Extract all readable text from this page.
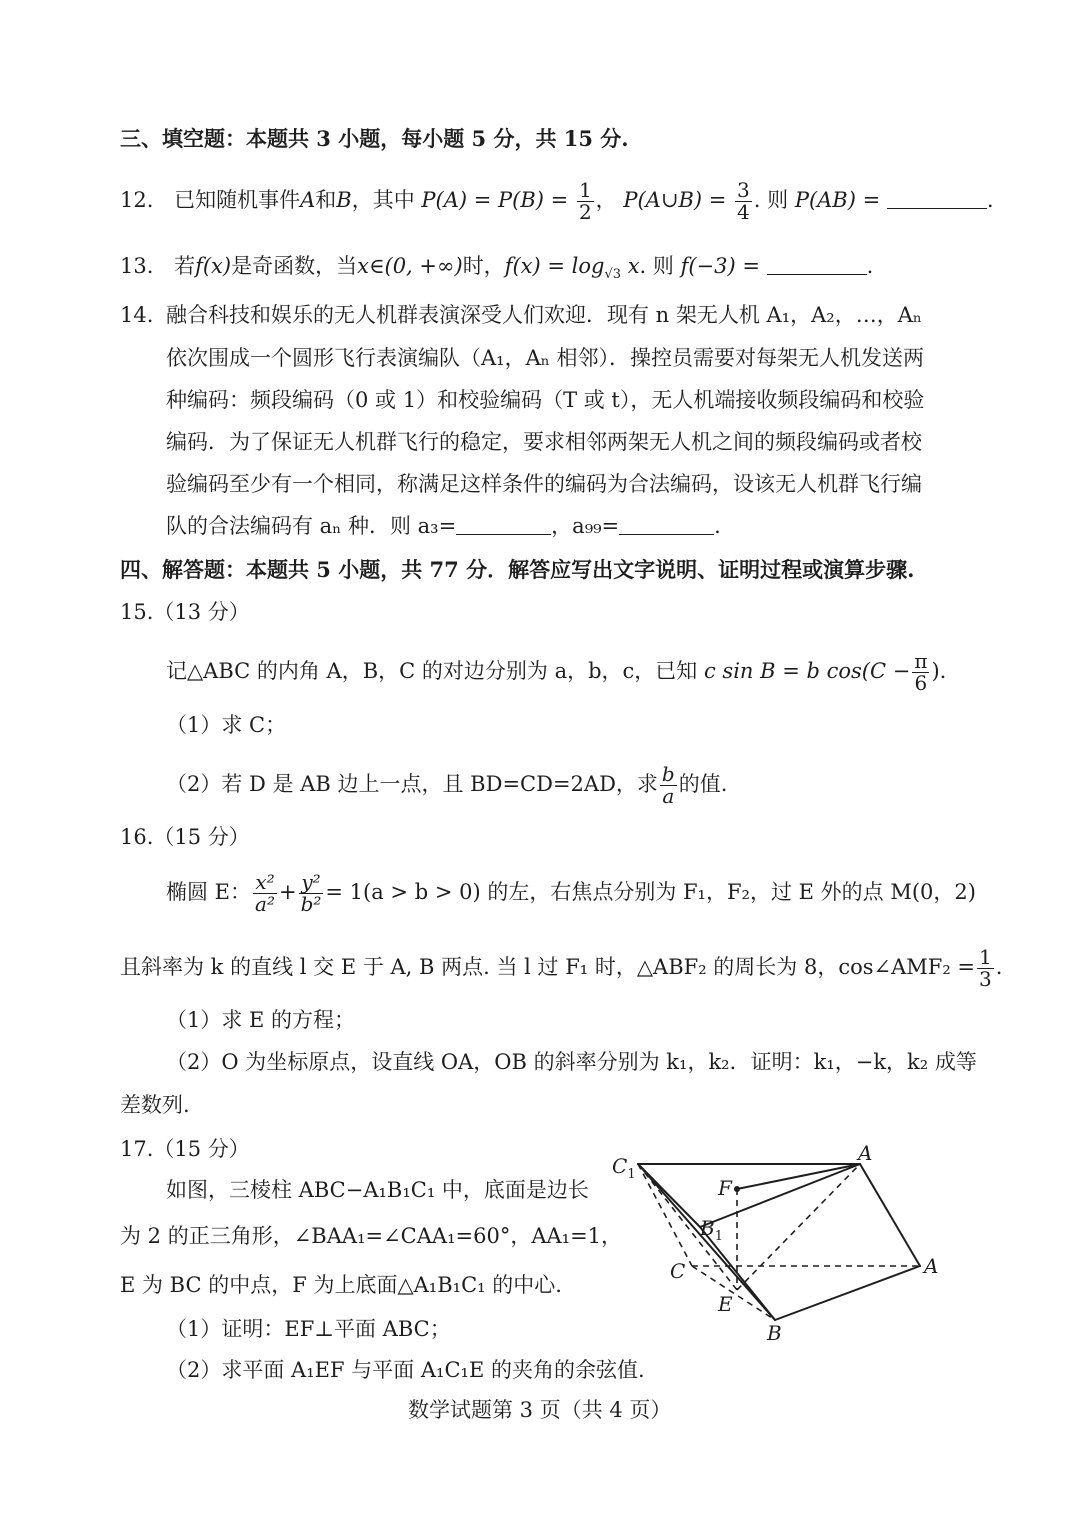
三、填空题：本题共 3 小题，每小题 5 分，共 15 分.
12. 已知随机事件A和B，其中 $P(A) = P(B) = \frac{1}{2}$ ， P(A∪B) = $\frac{3}{4}$ . 则 P(AB) =	.
13. 若f(x)是奇函数，当x∈(0, +∞)时，$f(x) = \log_{√3} x$. 则 f(−3) =	.
14. 融合科技和娱乐的无人机群表演深受人们欢迎．现有 n 架无人机 A₁，A₂，…，Aₙ
依次围成一个圆形飞行表演编队（A₁，Aₙ 相邻）．操控员需要对每架无人机发送两
种编码：频段编码（0 或 1）和校验编码（T 或 t），无人机端接收频段编码和校验
编码．为了保证无人机群飞行的稳定，要求相邻两架无人机之间的频段编码或者校
验编码至少有一个相同，称满足这样条件的编码为合法编码，设该无人机群飞行编
队的合法编码有 aₙ 种．则 a₃=	，a₉₉=	.
四、解答题：本题共 5 小题，共 77 分．解答应写出文字说明、证明过程或演算步骤.
15.（13 分）
记△ABC 的内角 A，B，C 的对边分别为 a，b，c，已知 c sin B = b $\cos(C - \frac{\pi}{6}$ ).
（1）求 C；
（2）若 D 是 AB 边上一点，且 BD=CD=2AD，求 $\frac{b}{a}$ 的值.
16.（15 分）
椭圆 E： $\frac{\text{x²}}{\text{a²}} + \frac{\text{y²}}{\text{b²}} = 1(a > b > 0)$ 的左，右焦点分别为 F₁，F₂，过 E 外的点 M(0，2)
且斜率为 k 的直线 l 交 E 于 A, B 两点. 当 l 过 F₁ 时，△ABF₂ 的周长为 8，cos∠AMF₂ = $\frac{1}{3}$ .
（1）求 E 的方程；
（2）O 为坐标原点，设直线 OA，OB 的斜率分别为 k₁，k₂．证明：k₁，−k，k₂ 成等
差数列.
17.（15 分）
如图，三棱柱 ABC−A₁B₁C₁ 中，底面是边长
为 2 的正三角形，∠BAA₁=∠CAA₁=60°，AA₁=1，
E 为 BC 的中点，F 为上底面△A₁B₁C₁ 的中心.
（1）证明：EF⊥平面 ABC；
（2）求平面 A₁EF 与平面 A₁C₁E 的夹角的余弦值.
$C_1$
A
F
$B_1$
C	A
E
B
数学试题第 3 页（共 4 页）
